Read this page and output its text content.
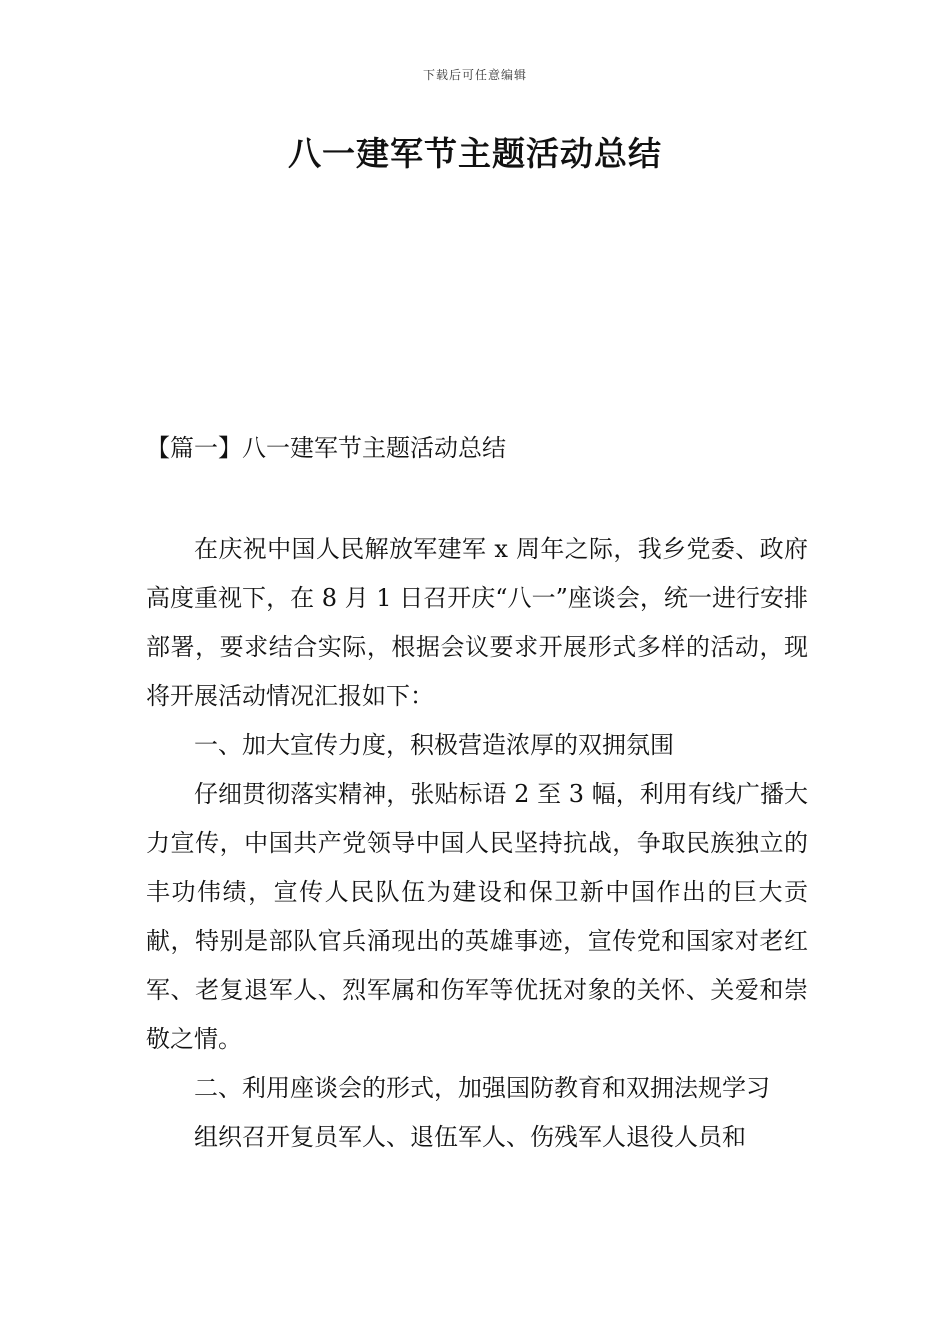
下载后可任意编辑
八一建军节主题活动总结
【篇一】八一建军节主题活动总结

在庆祝中国人民解放军建军 x 周年之际，我乡党委、政府高度重视下，在 8 月 1 日召开庆“八一”座谈会，统一进行安排部署，要求结合实际，根据会议要求开展形式多样的活动，现将开展活动情况汇报如下：

一、加大宣传力度，积极营造浓厚的双拥氛围

仔细贯彻落实精神，张贴标语 2 至 3 幅，利用有线广播大力宣传，中国共产党领导中国人民坚持抗战，争取民族独立的丰功伟绩，宣传人民队伍为建设和保卫新中国作出的巨大贡献，特别是部队官兵涌现出的英雄事迹，宣传党和国家对老红军、老复退军人、烈军属和伤军等优抚对象的关怀、关爱和崇敬之情。

二、利用座谈会的形式，加强国防教育和双拥法规学习

组织召开复员军人、退伍军人、伤残军人退役人员和
